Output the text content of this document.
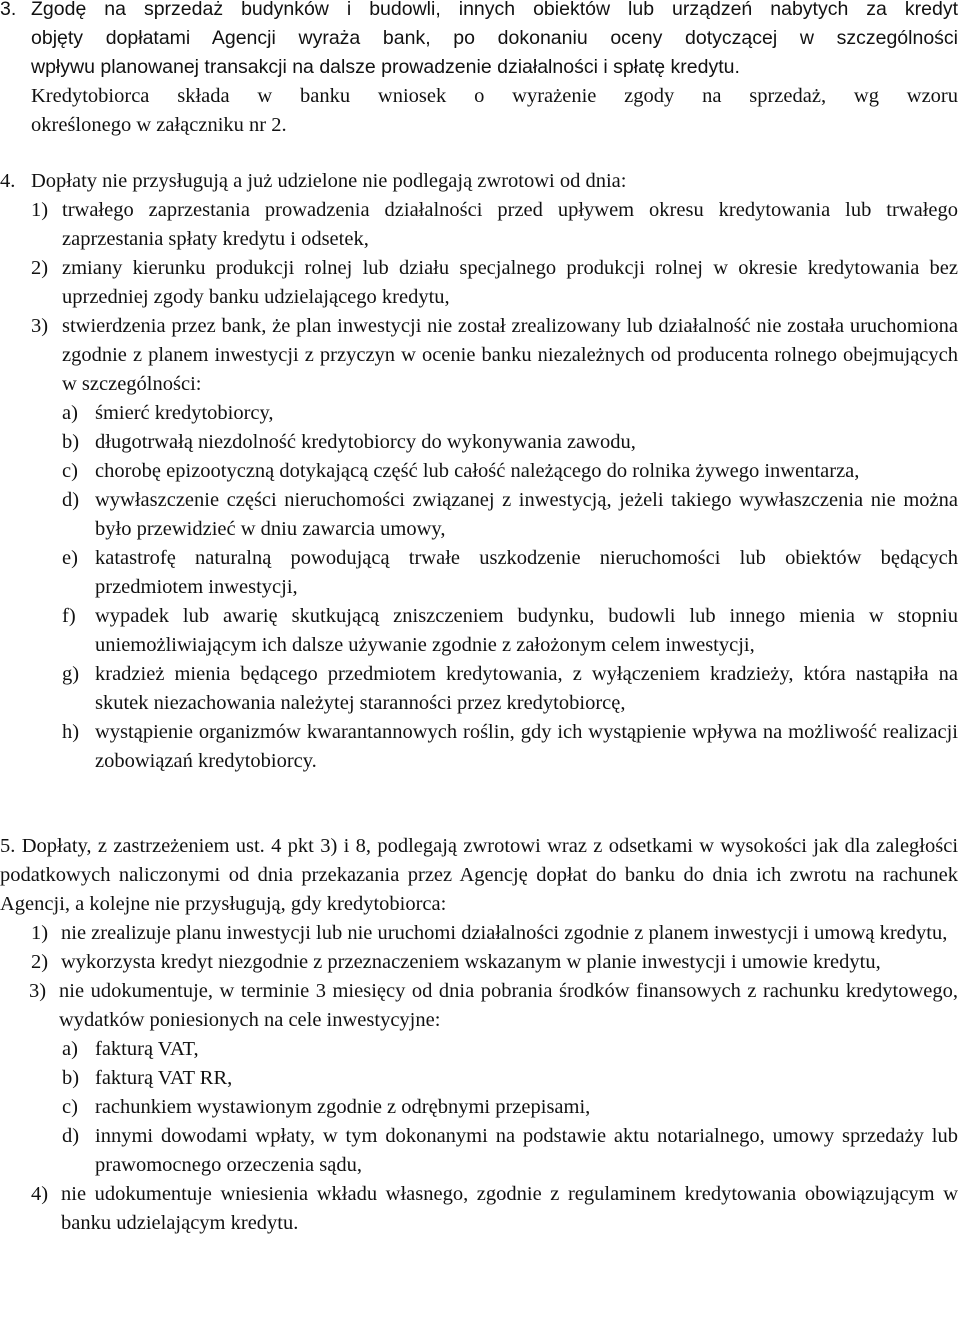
3. Zgodę na sprzedaż budynków i budowli, innych obiektów lub urządzeń nabytych za kredyt
objęty dopłatami Agencji wyraża bank, po dokonaniu oceny dotyczącej w szczególności
wpływu planowanej transakcji na dalsze prowadzenie działalności i spłatę kredytu.
Kredytobiorca składa w banku wniosek o wyrażenie zgody na sprzedaż, wg wzoru
określonego w załączniku nr 2.
4. Dopłaty nie przysługują a już udzielone nie podlegają zwrotowi od dnia:
1) trwałego zaprzestania prowadzenia działalności przed upływem okresu kredytowania lub trwałego zaprzestania spłaty kredytu i odsetek,
2) zmiany kierunku produkcji rolnej lub działu specjalnego produkcji rolnej w okresie kredytowania bez uprzedniej zgody banku udzielającego kredytu,
3) stwierdzenia przez bank, że plan inwestycji nie został zrealizowany lub działalność nie została uruchomiona zgodnie z planem inwestycji z przyczyn w ocenie banku niezależnych od producenta rolnego obejmujących w szczególności:
a) śmierć kredytobiorcy,
b) długotrwałą niezdolność kredytobiorcy do wykonywania zawodu,
c) chorobę epizootyczną dotykającą część lub całość należącego do rolnika żywego inwentarza,
d) wywłaszczenie części nieruchomości związanej z inwestycją, jeżeli takiego wywłaszczenia nie można było przewidzieć w dniu zawarcia umowy,
e) katastrofę naturalną powodującą trwałe uszkodzenie nieruchomości lub obiektów będących przedmiotem inwestycji,
f) wypadek lub awarię skutkującą zniszczeniem budynku, budowli lub innego mienia w stopniu uniemożliwiającym ich dalsze używanie zgodnie z założonym celem inwestycji,
g) kradzież mienia będącego przedmiotem kredytowania, z wyłączeniem kradzieży, która nastąpiła na skutek niezachowania należytej staranności przez kredytobiorcę,
h) wystąpienie organizmów kwarantannowych roślin, gdy ich wystąpienie wpływa na możliwość realizacji zobowiązań kredytobiorcy.
5. Dopłaty, z zastrzeżeniem ust. 4 pkt 3) i 8, podlegają zwrotowi wraz z odsetkami w wysokości jak dla zaległości podatkowych naliczonymi od dnia przekazania przez Agencję dopłat do banku do dnia ich zwrotu na rachunek Agencji, a kolejne nie przysługują, gdy kredytobiorca:
1) nie zrealizuje planu inwestycji lub nie uruchomi działalności zgodnie z planem inwestycji i umową kredytu,
2) wykorzysta kredyt niezgodnie z przeznaczeniem wskazanym w planie inwestycji i umowie kredytu,
3) nie udokumentuje, w terminie 3 miesięcy od dnia pobrania środków finansowych z rachunku kredytowego, wydatków poniesionych na cele inwestycyjne:
a) fakturą VAT,
b) fakturą VAT RR,
c) rachunkiem wystawionym zgodnie z odrębnymi przepisami,
d) innymi dowodami wpłaty, w tym dokonanymi na podstawie aktu notarialnego, umowy sprzedaży lub prawomocnego orzeczenia sądu,
4) nie udokumentuje wniesienia wkładu własnego, zgodnie z regulaminem kredytowania obowiązującym w banku udzielającym kredytu.
